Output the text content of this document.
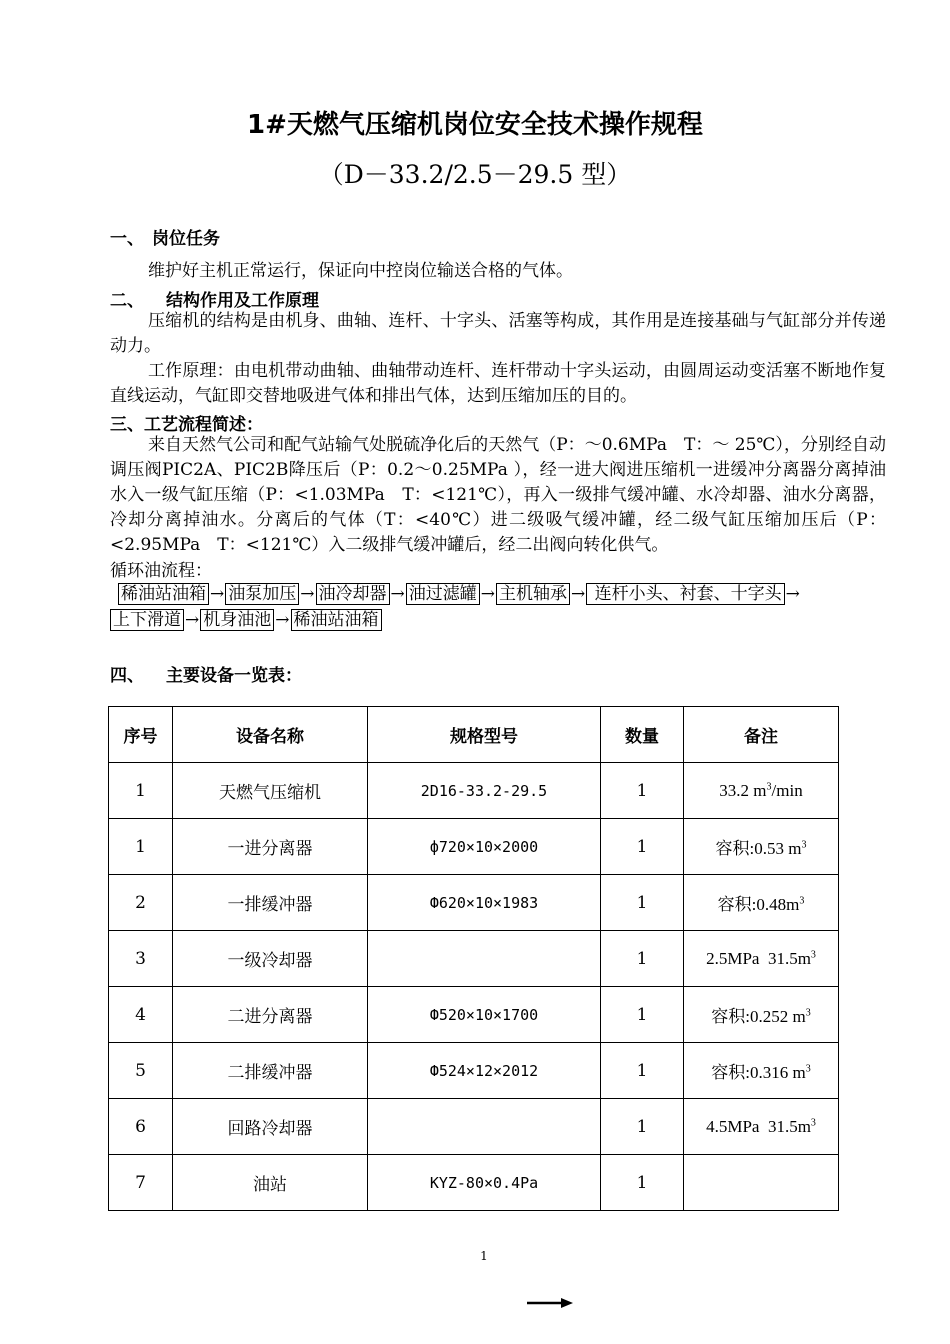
1#天燃气压缩机岗位安全技术操作规程
（D－33.2/2.5－29.5 型）
一、 岗位任务
维护好主机正常运行，保证向中控岗位输送合格的气体。
二、 结构作用及工作原理
压缩机的结构是由机身、曲轴、连杆、十字头、活塞等构成，其作用是连接基础与气缸部分并传递动力。
工作原理：由电机带动曲轴、曲轴带动连杆、连杆带动十字头运动，由圆周运动变活塞不断地作复直线运动，气缸即交替地吸进气体和排出气体，达到压缩加压的目的。
三、工艺流程简述：
来自天然气公司和配气站输气处脱硫净化后的天然气（P：～0.6MPa　T：～ 25℃），分别经自动调压阀PIC2A、PIC2B降压后（P：0.2～0.25MPa ），经一进大阀进压缩机一进缓冲分离器分离掉油水入一级气缸压缩（P：<1.03MPa　T：<121℃），再入一级排气缓冲罐、水冷却器、油水分离器，冷却分离掉油水。分离后的气体（T：<40℃）进二级吸气缓冲罐，经二级气缸压缩加压后（P：<2.95MPa　T：<121℃）入二级排气缓冲罐后，经二出阀向转化供气。
循环油流程：
稀油站油箱 → 油泵加压 → 油冷却器 → 油过滤罐 → 主机轴承 → 连杆小头、衬套、十字头 →
上下滑道 → 机身油池 → 稀油站油箱
四、 主要设备一览表：
序号	设备名称	规格型号	数量	备注
1	天燃气压缩机	2D16-33.2-29.5	1	33.2 $m^3/\min$
1	一进分离器	ф720×10×2000	1	容积:0.53 $m^3$
2	一排缓冲器	Ф620×10×1983	1	容积$:0.48m^3$
3	一级冷却器		1	2.5MPa  $31.5m^3$
4	二进分离器	Ф520×10×1700	1	容积:0.252 $m^3$
5	二排缓冲器	Ф524×12×2012	1	容积:0.316 $m^3$
6	回路冷却器		1	4.5MPa  $31.5m^3$
7	油站	KYZ-80×0.4Pa	1	
1
